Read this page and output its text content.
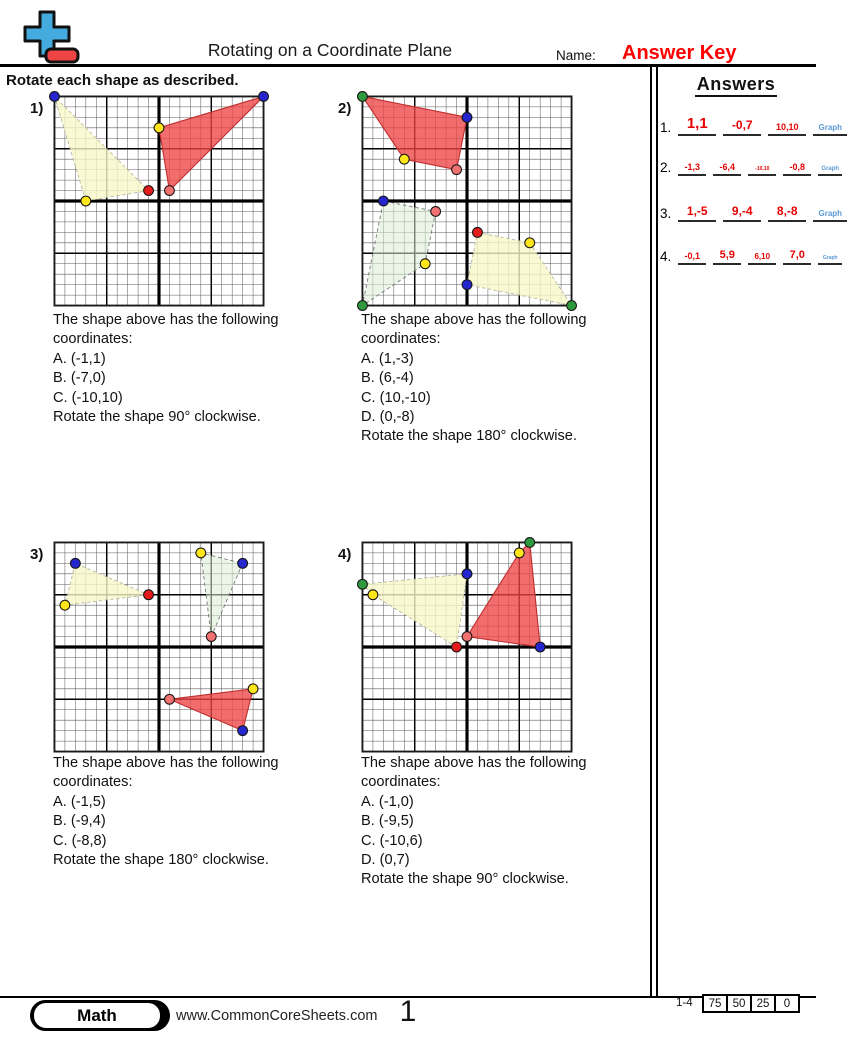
Rotating on a Coordinate Plane	Name: Answer Key
Rotate each shape as described.	Answers
1.	1,1	-0,7	10,10	Graph
2.	-1,3	-6,4	-10,10	-0,8	Graph
3.	1,-5	9,-4	8,-8	Graph
4.	-0,1	5,9	6,10	7,0	Graph
1)	2)
3)	4)
The shape above has the following
coordinates:
A. (-1,1)
B. (-7,0)
C. (-10,10)
Rotate the shape 90° clockwise.
The shape above has the following
coordinates:
A. (1,-3)
B. (6,-4)
C. (10,-10)
D. (0,-8)
Rotate the shape 180° clockwise.
The shape above has the following
coordinates:
A. (-1,5)
B. (-9,4)
C. (-8,8)
Rotate the shape 180° clockwise.
The shape above has the following
coordinates:
A. (-1,0)
B. (-9,5)
C. (-10,6)
D. (0,7)
Rotate the shape 90° clockwise.
Math	www.CommonCoreSheets.com 1	1-4	75 50 25	0
